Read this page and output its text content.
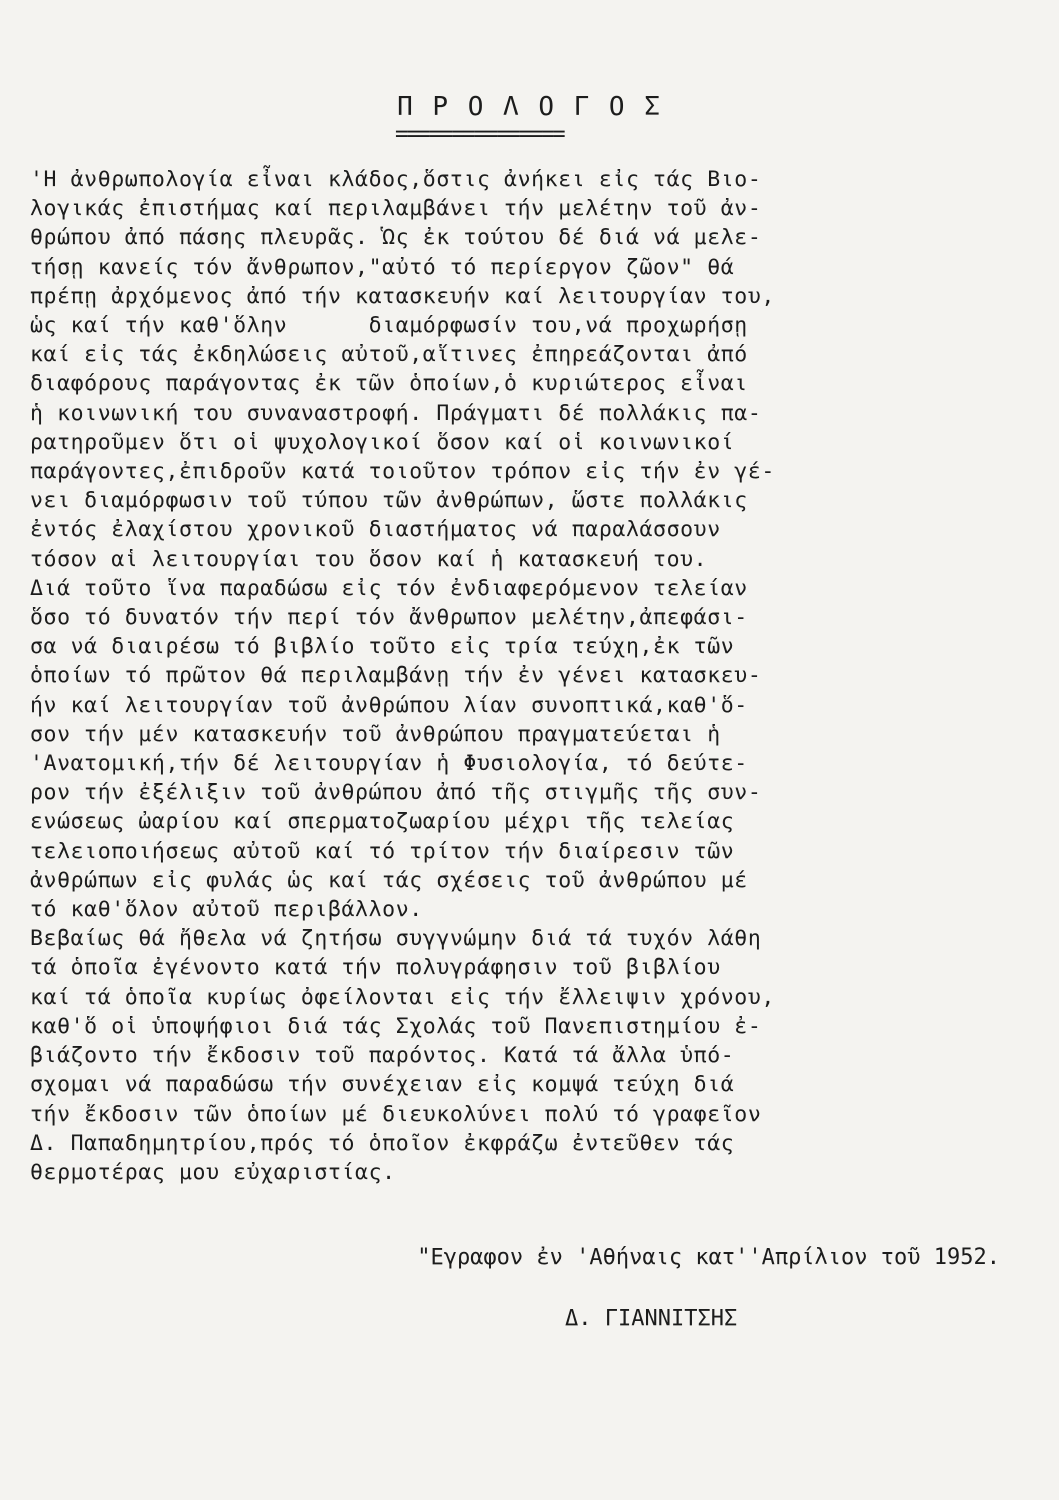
Π Ρ Ο Λ Ο Γ Ο Σ
===============
'Η ἀνθρωπολογία εἶναι κλάδος,ὅστις ἀνήκει εἰς τάς Βιο-
λογικάς ἐπιστήμας καί περιλαμβάνει τήν μελέτην τοῦ ἀν-
θρώπου ἀπό πάσης πλευρᾶς. Ὡς ἐκ τούτου δέ διά νά μελε-
τήσῃ κανείς τόν ἄνθρωπον,"αὐτό τό περίεργον ζῶον" θά
πρέπῃ ἀρχόμενος ἀπό τήν κατασκευήν καί λειτουργίαν του,
ὡς καί τήν καθ'ὅλην      διαμόρφωσίν του,νά προχωρήσῃ
καί εἰς τάς ἐκδηλώσεις αὐτοῦ,αἵτινες ἐπηρεάζονται ἀπό
διαφόρους παράγοντας ἐκ τῶν ὁποίων,ὁ κυριώτερος εἶναι
ἡ κοινωνική του συναναστροφή. Πράγματι δέ πολλάκις πα-
ρατηροῦμεν ὅτι οἱ ψυχολογικοί ὅσον καί οἱ κοινωνικοί
παράγοντες,ἐπιδροῦν κατά τοιοῦτον τρόπον εἰς τήν ἐν γέ-
νει διαμόρφωσιν τοῦ τύπου τῶν ἀνθρώπων, ὥστε πολλάκις
ἐντός ἐλαχίστου χρονικοῦ διαστήματος νά παραλάσσουν
τόσον αἱ λειτουργίαι του ὅσον καί ἡ κατασκευή του.
Διά τοῦτο ἵνα παραδώσω εἰς τόν ἐνδιαφερόμενον τελείαν
ὅσο τό δυνατόν τήν περί τόν ἄνθρωπον μελέτην,ἀπεφάσι-
σα νά διαιρέσω τό βιβλίο τοῦτο εἰς τρία τεύχη,ἐκ τῶν
ὁποίων τό πρῶτον θά περιλαμβάνῃ τήν ἐν γένει κατασκευ-
ήν καί λειτουργίαν τοῦ ἀνθρώπου λίαν συνοπτικά,καθ'ὅ-
σον τήν μέν κατασκευήν τοῦ ἀνθρώπου πραγματεύεται ἡ
'Ανατομική,τήν δέ λειτουργίαν ἡ Φυσιολογία, τό δεύτε-
ρον τήν ἐξέλιξιν τοῦ ἀνθρώπου ἀπό τῆς στιγμῆς τῆς συν-
ενώσεως ὠαρίου καί σπερματοζωαρίου μέχρι τῆς τελείας
τελειοποιήσεως αὐτοῦ καί τό τρίτον τήν διαίρεσιν τῶν
ἀνθρώπων εἰς φυλάς ὡς καί τάς σχέσεις τοῦ ἀνθρώπου μέ
τό καθ'ὅλον αὐτοῦ περιβάλλον.
Βεβαίως θά ἤθελα νά ζητήσω συγγνώμην διά τά τυχόν λάθη
τά ὁποῖα ἐγένοντο κατά τήν πολυγράφησιν τοῦ βιβλίου
καί τά ὁποῖα κυρίως ὀφείλονται εἰς τήν ἔλλειψιν χρόνου,
καθ'ὅ οἱ ὑποψήφιοι διά τάς Σχολάς τοῦ Πανεπιστημίου ἐ-
βιάζοντο τήν ἔκδοσιν τοῦ παρόντος. Κατά τά ἄλλα ὑπό-
σχομαι νά παραδώσω τήν συνέχειαν εἰς κομψά τεύχη διά
τήν ἔκδοσιν τῶν ὁποίων μέ διευκολύνει πολύ τό γραφεῖον
Δ. Παπαδημητρίου,πρός τό ὁποῖον ἐκφράζω ἐντεῦθεν τάς
θερμοτέρας μου εὐχαριστίας.
"Εγραφον ἐν 'Αθήναις κατ''Απρίλιον τοῦ 1952.
Δ. ΓΙΑΝΝΙΤΣΗΣ
